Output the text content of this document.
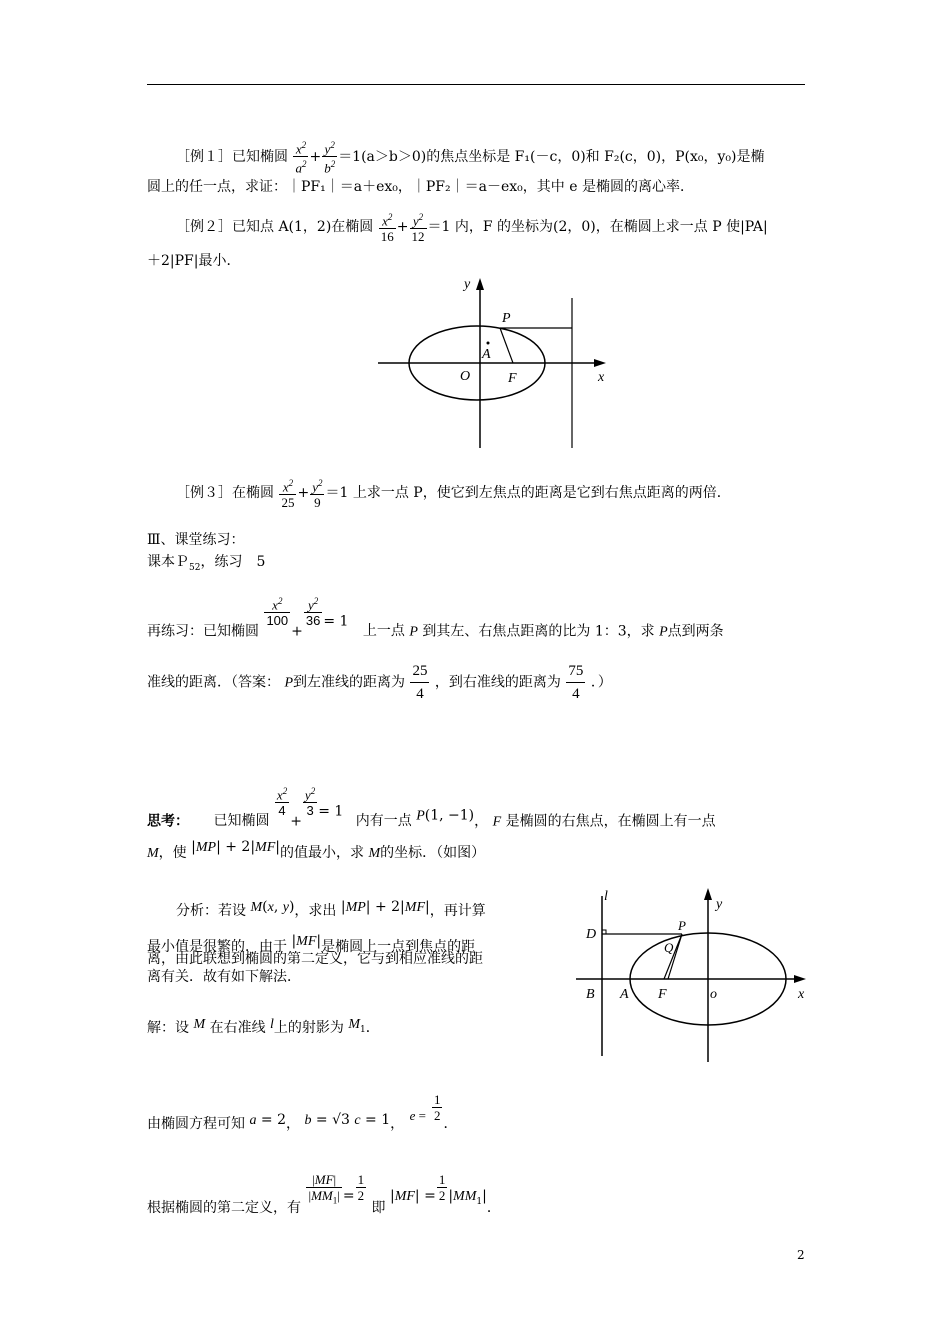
［例１］已知椭圆 $\frac{x^2}{a^2} + \frac{y^2}{b^2} =1(a>b>0)$的焦点坐标是 F₁(－c，0)和 F₂(c，0)，P(x₀，y₀)是椭
圆上的任一点，求证：｜PF₁｜＝a＋ex₀，｜PF₂｜＝a－ex₀，其中 e 是椭圆的离心率．
［例２］已知点 A(1，2)在椭圆 $\frac{x^2}{16} + \frac{y^2}{12} =1$ 内，F 的坐标为(2，0)，在椭圆上求一点 P 使|PA|
＋2|PF|最小．
y
x
P
A
O	F
［例３］在椭圆 $\frac{x^2}{25} + \frac{y^2}{9} =1$ 上求一点 P，使它到左焦点的距离是它到右焦点距离的两倍．
Ⅲ、课堂练习：
课本Ｐ$_{52}$，练习　5
再练习：已知椭圆
$\frac{x^2}{100}$
+
$\frac{y^2}{36} = 1$ 上一点 P 到其左、右焦点距离的比为 1：3，求 P点到两条
准线的距离．（答案： P到左准线的距离为 $\frac{25}{4}$ ，到右准线的距离为 $\frac{75}{4}$ ．）
思考： 已知椭圆
$\frac{x^2}{4}$
+
$\frac{y^2}{3} = 1$ 内有一点 P(1, −1)， F 是椭圆的右焦点，在椭圆上有一点
M，使 |MP| + 2|MF|的值最小，求 M的坐标．（如图）
分析：若设 M(x, y)，求出 |MP| + 2|MF|，再计算
最小值是很繁的．由于 |MF|是椭圆上一点到焦点的距
离，由此联想到椭圆的第二定义，它与到相应准线的距
离有关．故有如下解法．
l
y
D
P
Q
x
B A F	o
解：设 M 在右准线 l上的射影为 M1．
由椭圆方程可知 a = 2， b = √3 c = 1， $e = \frac{1}{2}$
．
根据椭圆的第二定义，有 $\frac{|MF|}{|MM_1|} = \frac{1}{2}$
即 $|MF| = \frac{1}{2} |MM_1|$．
2
